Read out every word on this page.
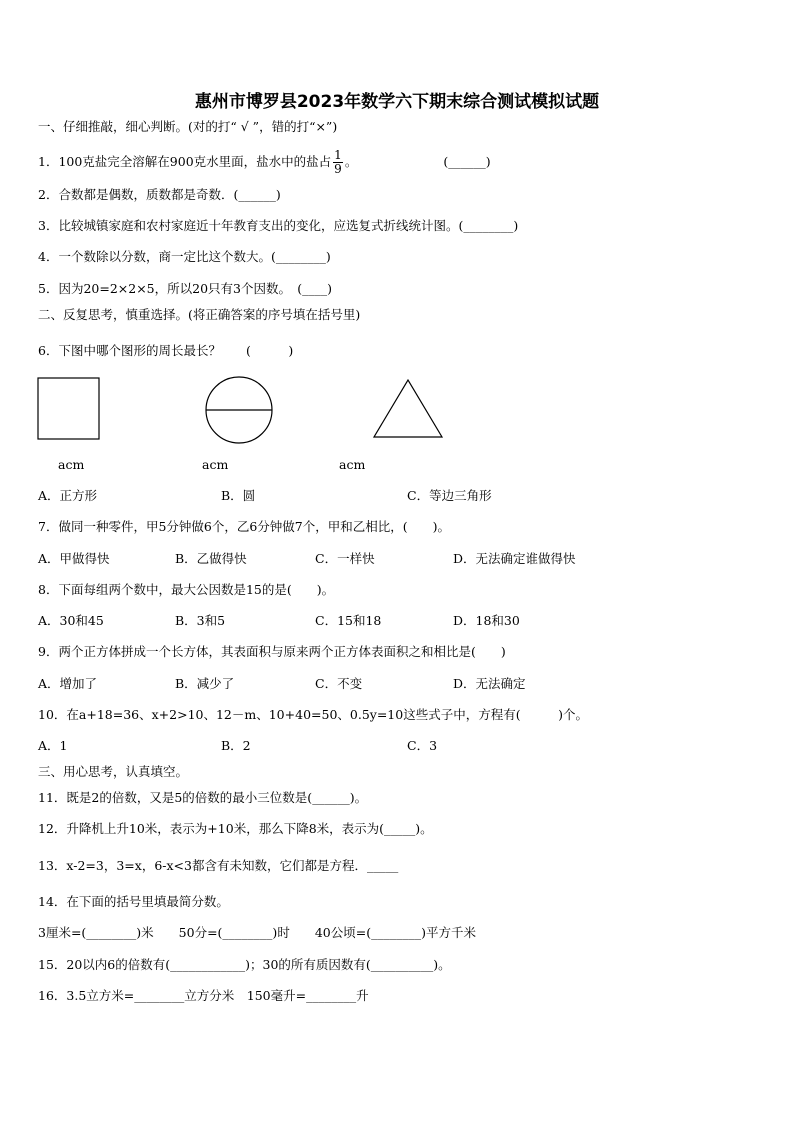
惠州市博罗县2023年数学六下期末综合测试模拟试题
一、仔细推敲，细心判断。(对的打“ √ ”，错的打“×”)
1．100克盐完全溶解在900克水里面，盐水中的盐占 $\frac{1}{9}$ 。	(______)
2．合数都是偶数，质数都是奇数．(______)
3．比较城镇家庭和农村家庭近十年教育支出的变化，应选复式折线统计图。(________)
4．一个数除以分数，商一定比这个数大。(________)
5．因为20=2×2×5，所以20只有3个因数。　(____)
二、反复思考，慎重选择。(将正确答案的序号填在括号里)
6．下图中哪个图形的周长最长？　　(　　　)
acm	acm	acm
A．正方形	B．圆	C．等边三角形
7．做同一种零件，甲5分钟做6个，乙6分钟做7个，甲和乙相比，(　　)。
A．甲做得快	B．乙做得快	C．一样快	D．无法确定谁做得快
8．下面每组两个数中，最大公因数是15的是(　　)。
A．30和45	B．3和5	C．15和18	D．18和30
9．两个正方体拼成一个长方体，其表面积与原来两个正方体表面积之和相比是(　　)
A．增加了	B．减少了	C．不变	D．无法确定
10．在a+18=36、x+2>10、12－m、10+40=50、0.5y=10这些式子中，方程有(　　　)个。
A．1	B．2	C．3
三、用心思考，认真填空。
11．既是2的倍数，又是5的倍数的最小三位数是(______)。
12．升降机上升10米，表示为+10米，那么下降8米，表示为(_____)。
13．x-2=3，3=x，6-x<3都含有未知数，它们都是方程．_____
14．在下面的括号里填最简分数。
3厘米=(________)米　　50分=(________)时　　40公顷=(________)平方千米
15．20以内6的倍数有(____________)；30的所有质因数有(__________)。
16．3.5立方米=________立方分米　150毫升=________升
